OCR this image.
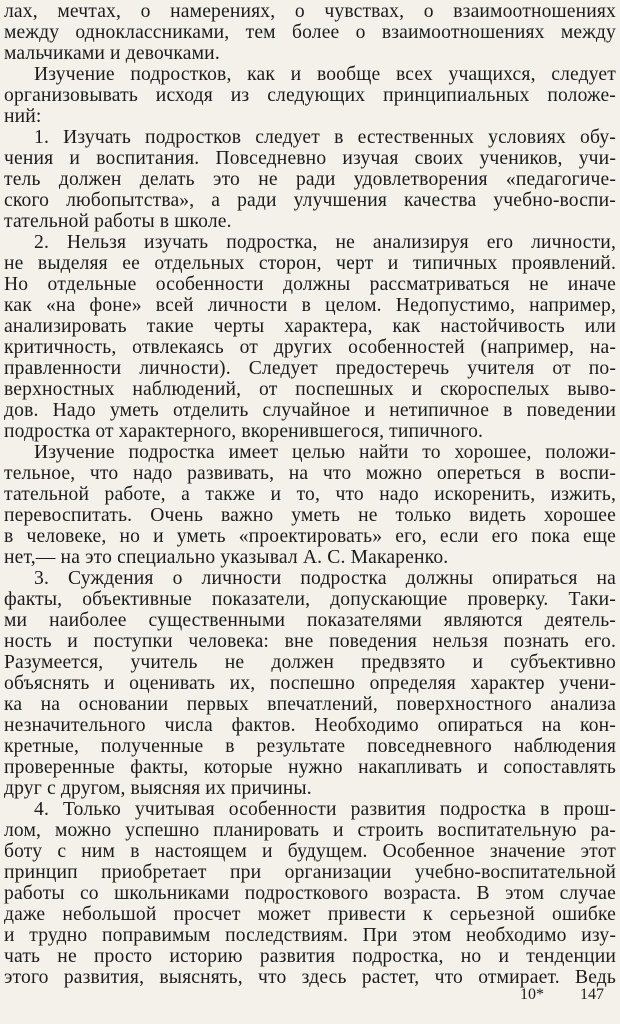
лах, мечтах, о намерениях, о чувствах, о взаимоотношениях
между одноклассниками, тем более о взаимоотношениях между
мальчиками и девочками.
Изучение подростков, как и вообще всех учащихся, следует
организовывать исходя из следующих принципиальных положе-
ний:
1. Изучать подростков следует в естественных условиях обу-
чения и воспитания. Повседневно изучая своих учеников, учи-
тель должен делать это не ради удовлетворения «педагогиче-
ского любопытства», а ради улучшения качества учебно-воспи-
тательной работы в школе.
2. Нельзя изучать подростка, не анализируя его личности,
не выделяя ее отдельных сторон, черт и типичных проявлений.
Но отдельные особенности должны рассматриваться не иначе
как «на фоне» всей личности в целом. Недопустимо, например,
анализировать такие черты характера, как настойчивость или
критичность, отвлекаясь от других особенностей (например, на-
правленности личности). Следует предостеречь учителя от по-
верхностных наблюдений, от поспешных и скороспелых выво-
дов. Надо уметь отделить случайное и нетипичное в поведении
подростка от характерного, вкоренившегося, типичного.
Изучение подростка имеет целью найти то хорошее, положи-
тельное, что надо развивать, на что можно опереться в воспи-
тательной работе, а также и то, что надо искоренить, изжить,
перевоспитать. Очень важно уметь не только видеть хорошее
в человеке, но и уметь «проектировать» его, если его пока еще
нет,— на это специально указывал А. С. Макаренко.
3. Суждения о личности подростка должны опираться на
факты, объективные показатели, допускающие проверку. Таки-
ми наиболее существенными показателями являются деятель-
ность и поступки человека: вне поведения нельзя познать его.
Разумеется, учитель не должен предвзято и субъективно
объяснять и оценивать их, поспешно определяя характер учени-
ка на основании первых впечатлений, поверхностного анализа
незначительного числа фактов. Необходимо опираться на кон-
кретные, полученные в результате повседневного наблюдения
проверенные факты, которые нужно накапливать и сопоставлять
друг с другом, выясняя их причины.
4. Только учитывая особенности развития подростка в прош-
лом, можно успешно планировать и строить воспитательную ра-
боту с ним в настоящем и будущем. Особенное значение этот
принцип приобретает при организации учебно-воспитательной
работы со школьниками подросткового возраста. В этом случае
даже небольшой просчет может привести к серьезной ошибке
и трудно поправимым последствиям. При этом необходимо изу-
чать не просто историю развития подростка, но и тенденции
этого развития, выяснять, что здесь растет, что отмирает. Ведь
10* 147
